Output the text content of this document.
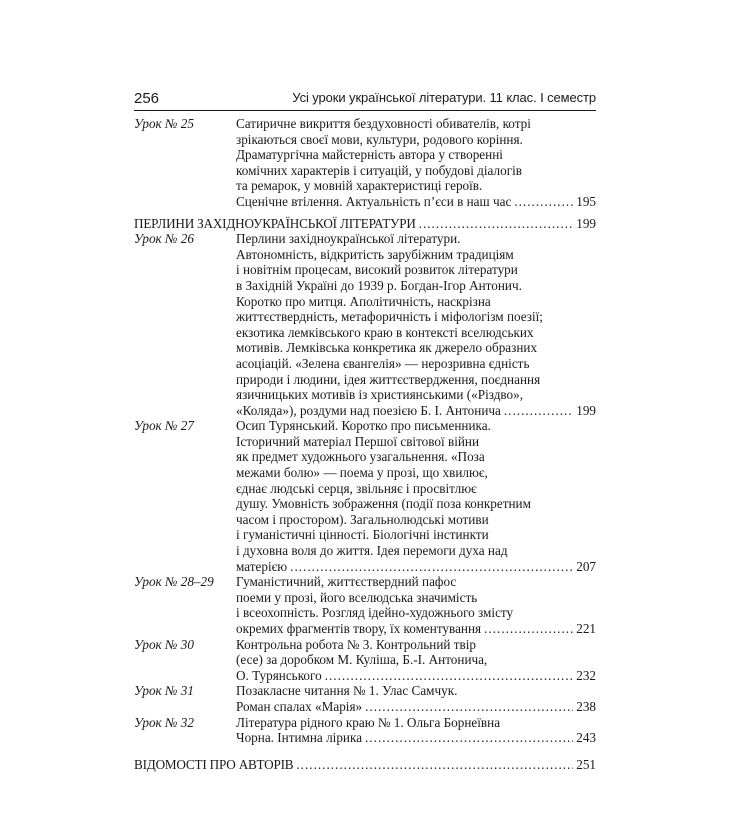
256	Усі уроки української літератури. 11 клас. І семестр
Урок № 25	Сатиричне викриття бездуховності обивателів, котрі
зрікаються своєї мови, культури, родового коріння.
Драматургічна майстерність автора у створенні
комічних характерів і ситуацій, у побудові діалогів
та ремарок, у мовній характеристиці героїв.
Сценічне втілення. Актуальність п’єси в наш час .....	195
ПЕРЛИНИ ЗАХІДНОУКРАЇНСЬКОЇ ЛІТЕРАТУРИ .....	199
Урок № 26	Перлини західноукраїнської літератури.
Автономність, відкритість зарубіжним традиціям
і новітнім процесам, високий розвиток літератури
в Західній Україні до 1939 р. Богдан-Ігор Антонич.
Коротко про митця. Аполітичність, наскрізна
життєствердність, метафоричність і міфологізм поезії;
екзотика лемківського краю в контексті вселюдських
мотивів. Лемківська конкретика як джерело образних
асоціацій. «Зелена євангелія» — нерозривна єдність
природи і людини, ідея життєствердження, поєднання
язичницьких мотивів із християнськими («Різдво»,
«Коляда»), роздуми над поезією Б. І. Антонича .....	199
Урок № 27	Осип Турянський. Коротко про письменника.
Історичний матеріал Першої світової війни
як предмет художнього узагальнення. «Поза
межами болю» — поема у прозі, що хвилює,
єднає людські серця, звільняє і просвітлює
душу. Умовність зображення (події поза конкретним
часом і простором). Загальнолюдські мотиви
і гуманістичні цінності. Біологічні інстинкти
і духовна воля до життя. Ідея перемоги духа над
матерією .....	207
Урок № 28–29	Гуманістичний, життєствердний пафос
поеми у прозі, його вселюдська значимість
і всеохопність. Розгляд ідейно-художнього змісту
окремих фрагментів твору, їх коментування .....	221
Урок № 30	Контрольна робота № 3. Контрольний твір
(есе) за доробком М. Куліша, Б.-І. Антонича,
О. Турянського .....	232
Урок № 31	Позакласне читання № 1. Улас Самчук.
Роман спалах «Марія» .....	238
Урок № 32	Література рідного краю № 1. Ольга Борнеївна
Чорна. Інтимна лірика .....	243
ВІДОМОСТІ ПРО АВТОРІВ .....	251
